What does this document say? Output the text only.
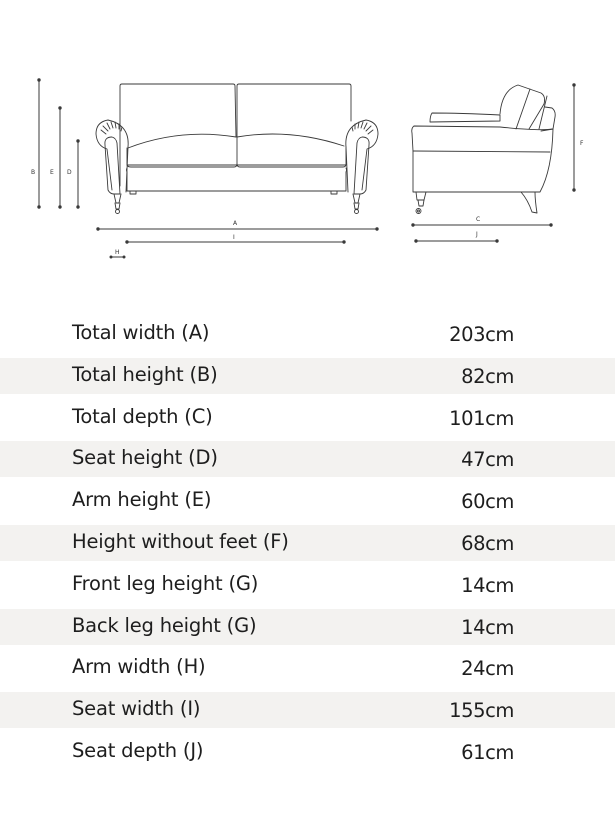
B E D
A
I
H
F
C
J
Total width (A)	203cm
Total height (B)	82cm
Total depth (C)	101cm
Seat height (D)	47cm
Arm height (E)	60cm
Height without feet (F)	68cm
Front leg height (G)	14cm
Back leg height (G)	14cm
Arm width (H)	24cm
Seat width (I)	155cm
Seat depth (J)	61cm
